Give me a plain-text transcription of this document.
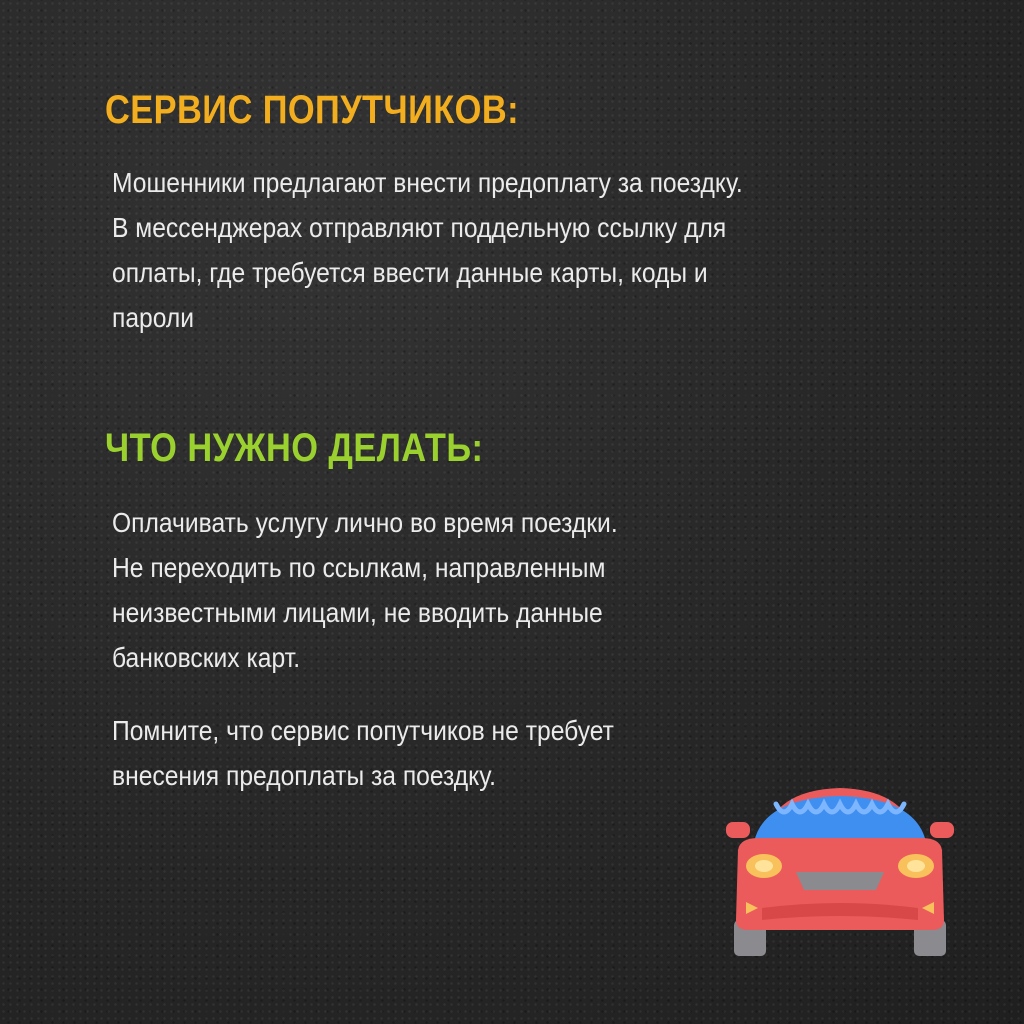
СЕРВИС ПОПУТЧИКОВ:

Мошенники предлагают внести предоплату за поездку.
В мессенджерах отправляют поддельную ссылку для
оплаты, где требуется ввести данные карты, коды и
пароли

ЧТО НУЖНО ДЕЛАТЬ:

Оплачивать услугу лично во время поездки.
Не переходить по ссылкам, направленным
неизвестными лицами, не вводить данные
банковских карт.

Помните, что сервис попутчиков не требует
внесения предоплаты за поездку.
